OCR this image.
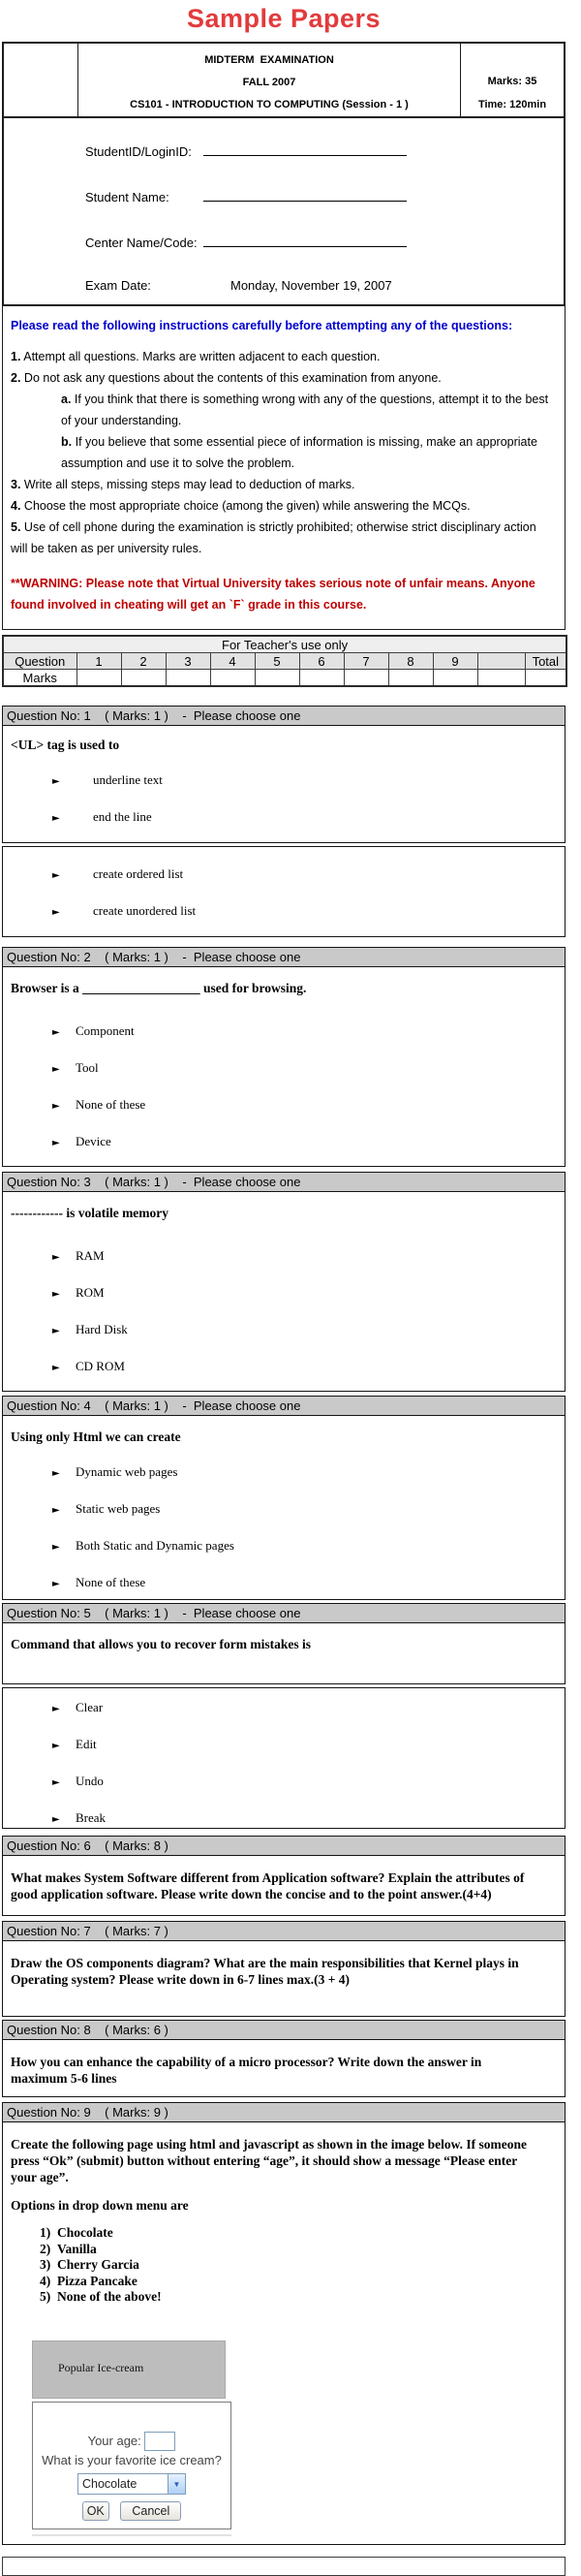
Sample Papers
MIDTERM  EXAMINATION
FALL 2007
CS101 - INTRODUCTION TO COMPUTING (Session - 1 )
Marks: 35
Time: 120min
StudentID/LoginID:
Student Name:
Center Name/Code:
Exam Date:	Monday, November 19, 2007
Please read the following instructions carefully before attempting any of the questions:
1. Attempt all questions. Marks are written adjacent to each question.
2. Do not ask any questions about the contents of this examination from anyone.
a. If you think that there is something wrong with any of the questions, attempt it to the best of your understanding.
b. If you believe that some essential piece of information is missing, make an appropriate assumption and use it to solve the problem.
3. Write all steps, missing steps may lead to deduction of marks.
4. Choose the most appropriate choice (among the given) while answering the MCQs.
5. Use of cell phone during the examination is strictly prohibited; otherwise strict disciplinary action will be taken as per university rules.
**WARNING: Please note that Virtual University takes serious note of unfair means. Anyone found involved in cheating will get an `F` grade in this course.
For Teacher's use only											
Question	1	2	3	4	5	6	7	8	9		Total
Marks											
Question No: 1    ( Marks: 1 )    -  Please choose one
<UL> tag is used to
►	underline text
►	end the line
►	create ordered list
►	create unordered list
Question No: 2    ( Marks: 1 )    -  Please choose one
Browser is a __________________ used for browsing.
► Component
► Tool
► None of these
► Device
Question No: 3    ( Marks: 1 )    -  Please choose one
------------ is volatile memory
► RAM
► ROM
► Hard Disk
► CD ROM
Question No: 4    ( Marks: 1 )    -  Please choose one
Using only Html we can create
► Dynamic web pages
► Static web pages
► Both Static and Dynamic pages
► None of these
Question No: 5    ( Marks: 1 )    -  Please choose one
Command that allows you to recover form mistakes is
► Clear
► Edit
► Undo
► Break
Question No: 6    ( Marks: 8 )
What makes System Software different from Application software? Explain the attributes of good application software. Please write down the concise and to the point answer.(4+4)
Question No: 7    ( Marks: 7 )
Draw the OS components diagram? What are the main responsibilities that Kernel plays in Operating system? Please write down in 6-7 lines max.(3 + 4)
Question No: 8    ( Marks: 6 )
How you can enhance the capability of a micro processor? Write down the answer in maximum 5-6 lines
Question No: 9    ( Marks: 9 )
Create the following page using html and javascript as shown in the image below. If someone press “Ok” (submit) button without entering “age”, it should show a message “Please enter your age”.
Options in drop down menu are
1) Chocolate
2) Vanilla
3) Cherry Garcia
4) Pizza Pancake
5) None of the above!
Popular Ice-cream
Your age:
What is your favorite ice cream?
Chocolate	▼
OK Cancel
